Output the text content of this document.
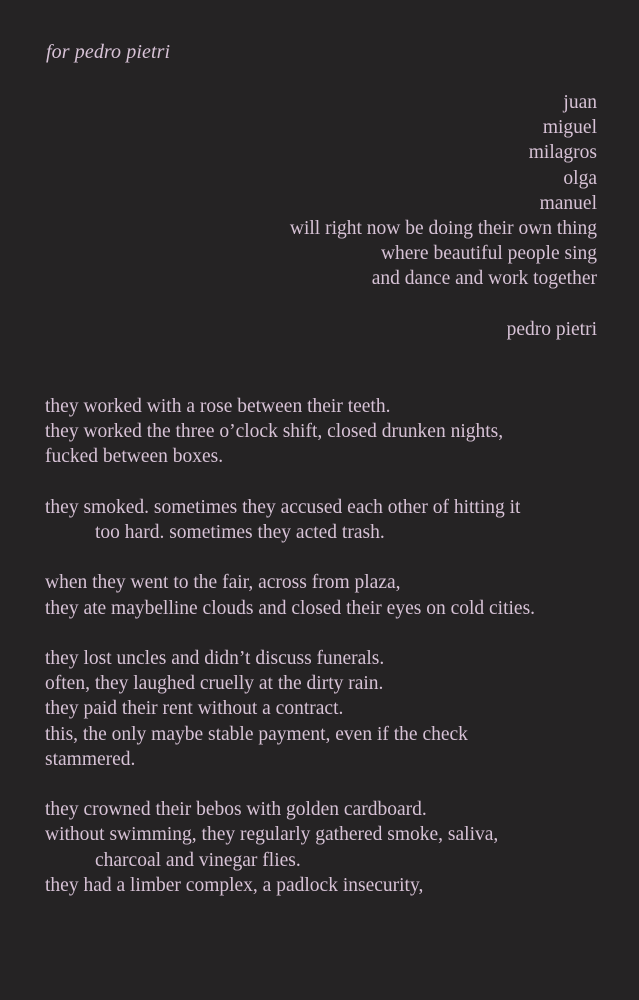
for pedro pietri
juan
miguel
milagros
olga
manuel
will right now be doing their own thing
where beautiful people sing
and dance and work together
pedro pietri
they worked with a rose between their teeth.
they worked the three o’clock shift, closed drunken nights,
fucked between boxes.
they smoked. sometimes they accused each other of hitting it
too hard. sometimes they acted trash.
when they went to the fair, across from plaza,
they ate maybelline clouds and closed their eyes on cold cities.
they lost uncles and didn’t discuss funerals.
often, they laughed cruelly at the dirty rain.
they paid their rent without a contract.
this, the only maybe stable payment, even if the check
stammered.
they crowned their bebos with golden cardboard.
without swimming, they regularly gathered smoke, saliva,
charcoal and vinegar flies.
they had a limber complex, a padlock insecurity,
